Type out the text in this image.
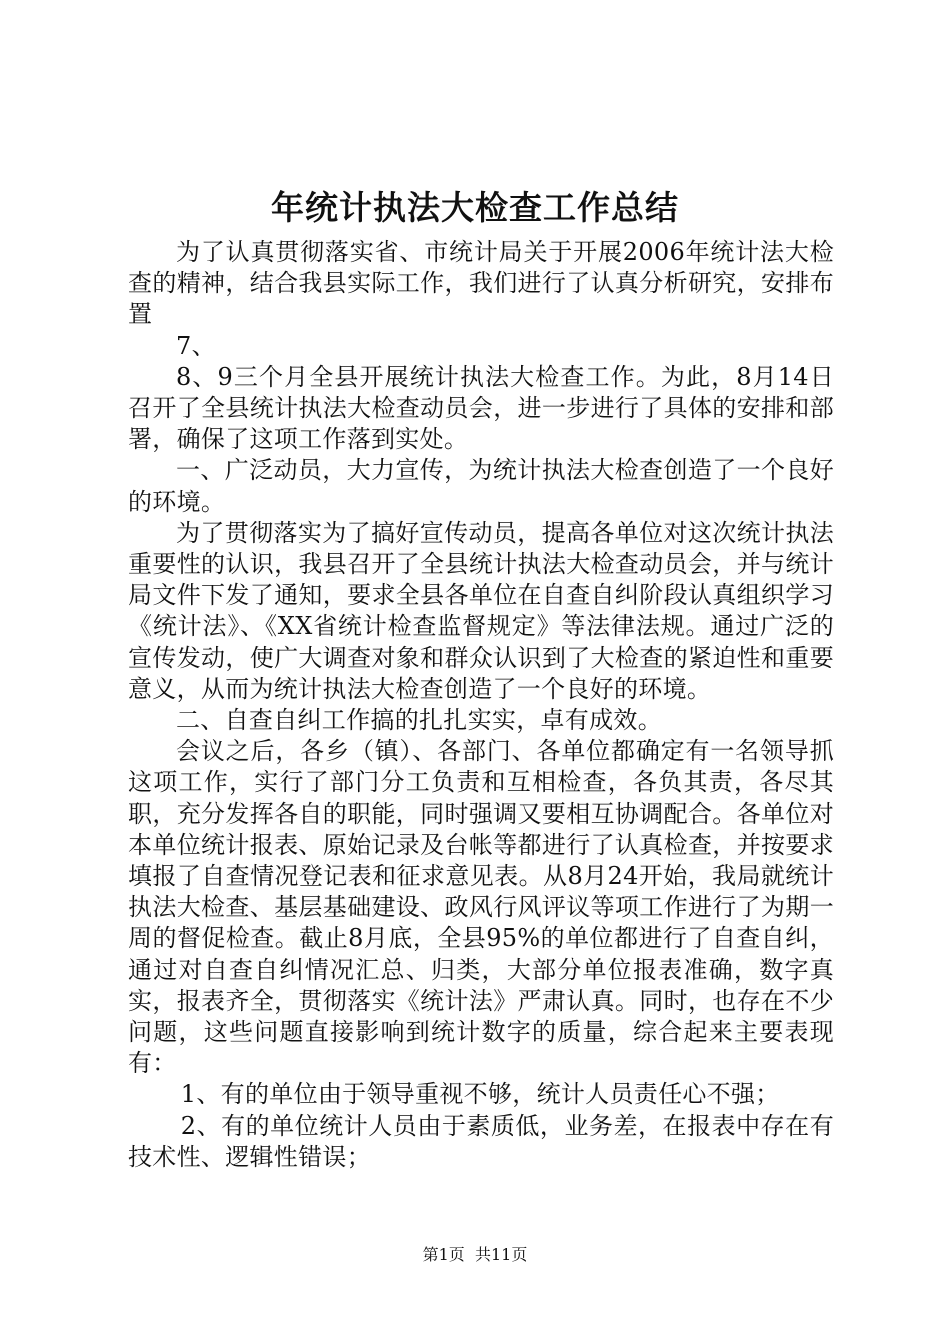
年统计执法大检查工作总结

为了认真贯彻落实省、市统计局关于开展2006年统计法大检查的精神，结合我县实际工作，我们进行了认真分析研究，安排布置

7、

8、9三个月全县开展统计执法大检查工作。为此，8月14日召开了全县统计执法大检查动员会，进一步进行了具体的安排和部署，确保了这项工作落到实处。

一、广泛动员，大力宣传，为统计执法大检查创造了一个良好的环境。

为了贯彻落实为了搞好宣传动员，提高各单位对这次统计执法重要性的认识，我县召开了全县统计执法大检查动员会，并与统计局文件下发了通知，要求全县各单位在自查自纠阶段认真组织学习《统计法》、《XX省统计检查监督规定》等法律法规。通过广泛的宣传发动，使广大调查对象和群众认识到了大检查的紧迫性和重要意义，从而为统计执法大检查创造了一个良好的环境。

二、自查自纠工作搞的扎扎实实，卓有成效。

会议之后，各乡（镇）、各部门、各单位都确定有一名领导抓这项工作，实行了部门分工负责和互相检查，各负其责，各尽其职，充分发挥各自的职能，同时强调又要相互协调配合。各单位对本单位统计报表、原始记录及台帐等都进行了认真检查，并按要求填报了自查情况登记表和征求意见表。从8月24开始，我局就统计执法大检查、基层基础建设、政风行风评议等项工作进行了为期一周的督促检查。截止8月底，全县95%的单位都进行了自查自纠，通过对自查自纠情况汇总、归类，大部分单位报表准确，数字真实，报表齐全，贯彻落实《统计法》严肃认真。同时，也存在不少问题，这些问题直接影响到统计数字的质量，综合起来主要表现有：

1、有的单位由于领导重视不够，统计人员责任心不强；

2、有的单位统计人员由于素质低，业务差，在报表中存在有技术性、逻辑性错误；

第1页 共11页
